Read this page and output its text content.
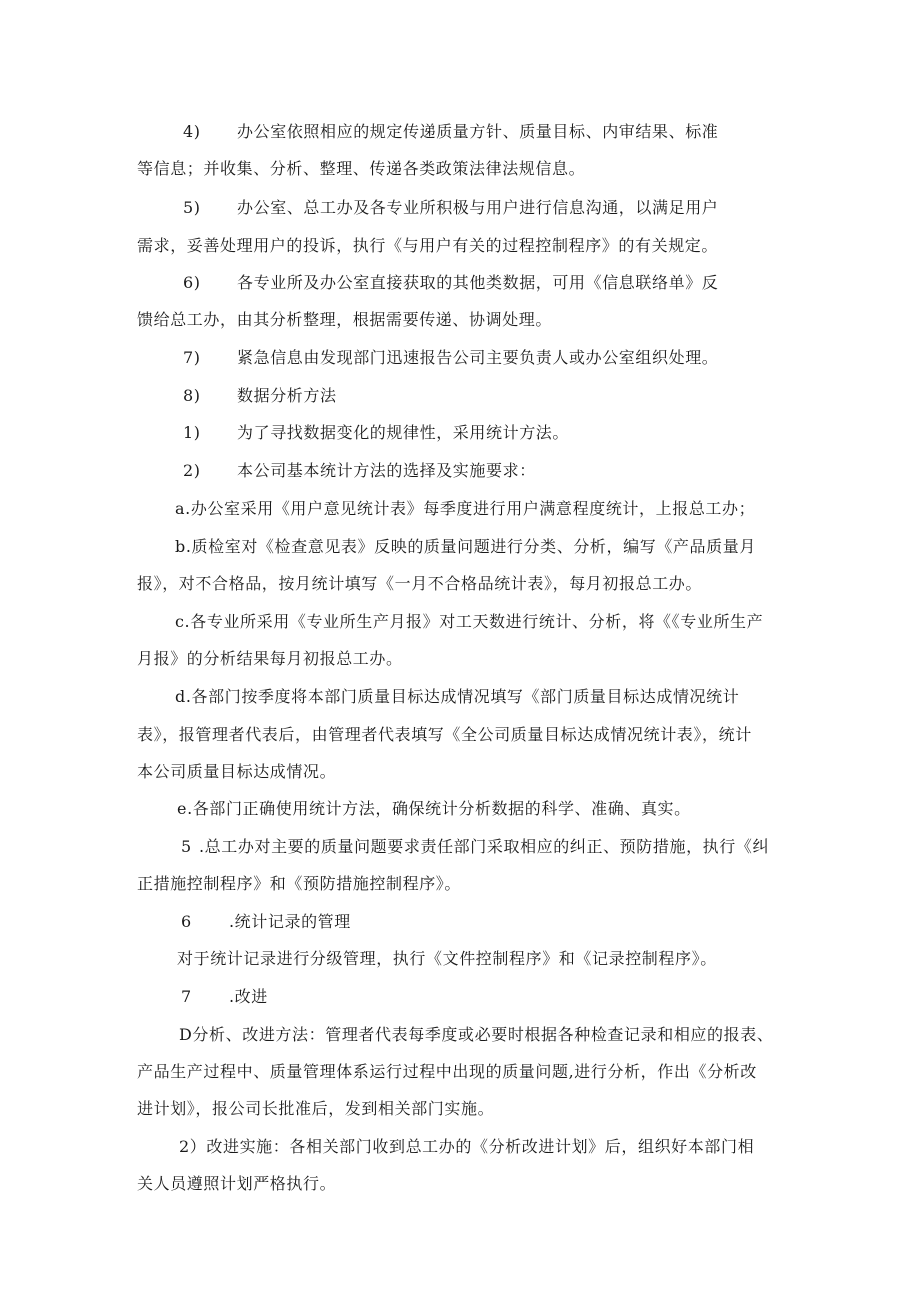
4) 办公室依照相应的规定传递质量方针、质量目标、内审结果、标准
等信息；并收集、分析、整理、传递各类政策法律法规信息。
5) 办公室、总工办及各专业所积极与用户进行信息沟通，以满足用户
需求，妥善处理用户的投诉，执行《与用户有关的过程控制程序》的有关规定。
6) 各专业所及办公室直接获取的其他类数据，可用《信息联络单》反
馈给总工办，由其分析整理，根据需要传递、协调处理。
7) 紧急信息由发现部门迅速报告公司主要负责人或办公室组织处理。
8) 数据分析方法
1) 为了寻找数据变化的规律性，采用统计方法。
2) 本公司基本统计方法的选择及实施要求：
a.办公室采用《用户意见统计表》每季度进行用户满意程度统计，上报总工办；
b.质检室对《检查意见表》反映的质量问题进行分类、分析，编写《产品质量月
报》，对不合格品，按月统计填写《一月不合格品统计表》，每月初报总工办。
c.各专业所采用《专业所生产月报》对工天数进行统计、分析，将《《专业所生产
月报》的分析结果每月初报总工办。
d.各部门按季度将本部门质量目标达成情况填写《部门质量目标达成情况统计
表》，报管理者代表后，由管理者代表填写《全公司质量目标达成情况统计表》，统计
本公司质量目标达成情况。
e.各部门正确使用统计方法，确保统计分析数据的科学、准确、真实。
5 .总工办对主要的质量问题要求责任部门采取相应的纠正、预防措施，执行《纠
正措施控制程序》和《预防措施控制程序》。
6 .统计记录的管理
对于统计记录进行分级管理，执行《文件控制程序》和《记录控制程序》。
7 .改进
D分析、改进方法：管理者代表每季度或必要时根据各种检查记录和相应的报表、
产品生产过程中、质量管理体系运行过程中出现的质量问题,进行分析，作出《分析改
进计划》，报公司长批准后，发到相关部门实施。
2）改进实施：各相关部门收到总工办的《分析改进计划》后，组织好本部门相
关人员遵照计划严格执行。
